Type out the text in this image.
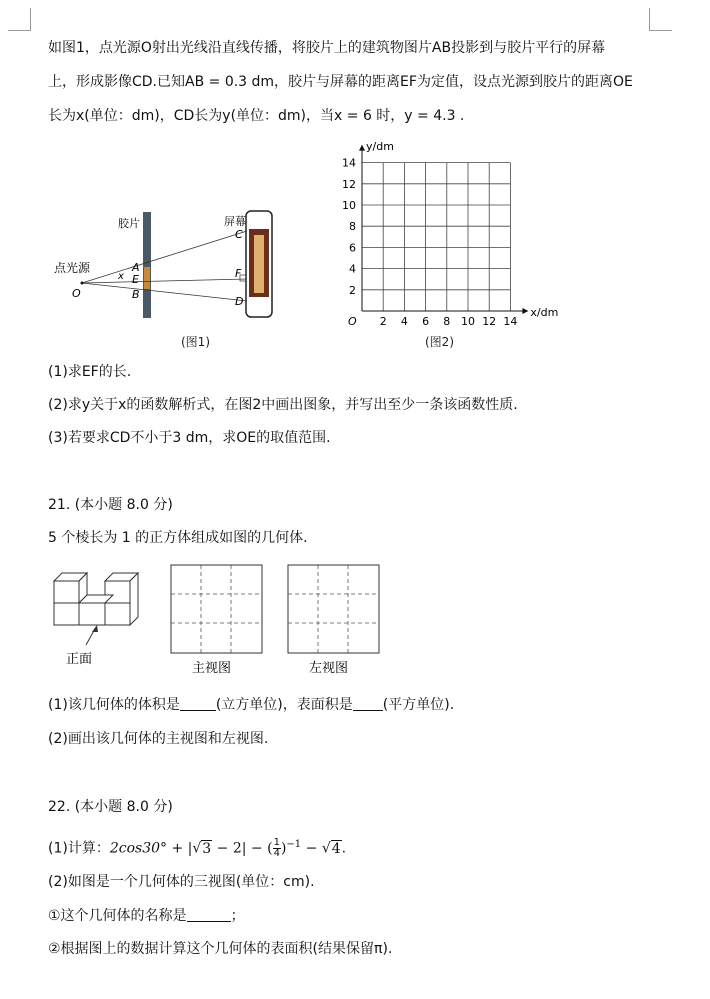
如图1，点光源O射出光线沿直线传播，将胶片上的建筑物图片AB投影到与胶片平行的屏幕
上，形成影像CD.已知AB = 0.3 dm，胶片与屏幕的距离EF为定值，设点光源到胶片的距离OE
长为x(单位：dm)，CD长为y(单位：dm)，当x = 6 时，y = 4.3 .
胶片	屏幕
点光源
O
A
x E
B
C
F
D
(图1)
2
4
6
8
10
12
14
2 4 6 8 10 12 14
O
y/dm
x/dm
(图2)
(1)求EF的长.
(2)求y关于x的函数解析式，在图2中画出图象，并写出至少一条该函数性质.
(3)若要求CD不小于3 dm，求OE的取值范围.
21. (本小题 8.0 分)
5 个棱长为 1 的正方体组成如图的几何体.
正面
主视图	左视图
(1)该几何体的体积是	(立方单位)，表面积是 (平方单位).
(2)画出该几何体的主视图和左视图.
22. (本小题 8.0 分)
(1)计算：2cos30° + |√3 − 2| − ( $\frac{1}{4} )^{-1} - √4$.
(2)如图是一个几何体的三视图(单位：cm).
①这个几何体的名称是	；
②根据图上的数据计算这个几何体的表面积(结果保留π).
